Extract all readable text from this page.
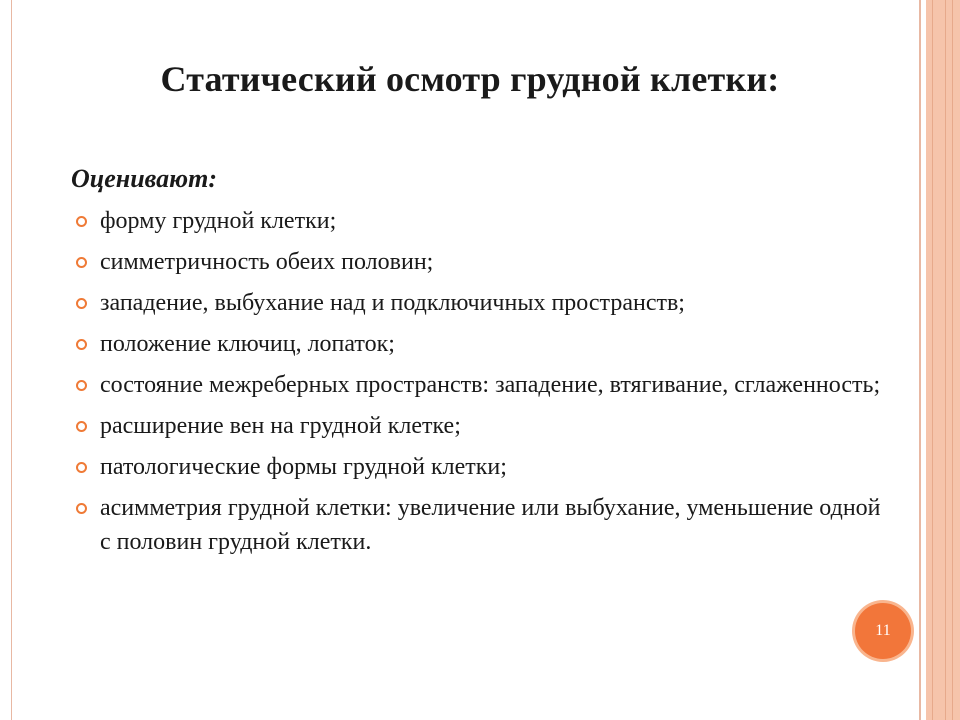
Статический осмотр грудной клетки:
Оценивают:
форму грудной клетки;
симметричность обеих половин;
западение, выбухание над и подключичных пространств;
положение ключиц, лопаток;
состояние межреберных пространств: западение, втягивание, сглаженность;
расширение вен на грудной клетке;
патологические формы грудной клетки;
асимметрия грудной клетки: увеличение или выбухание, уменьшение одной с половин грудной клетки.
11
